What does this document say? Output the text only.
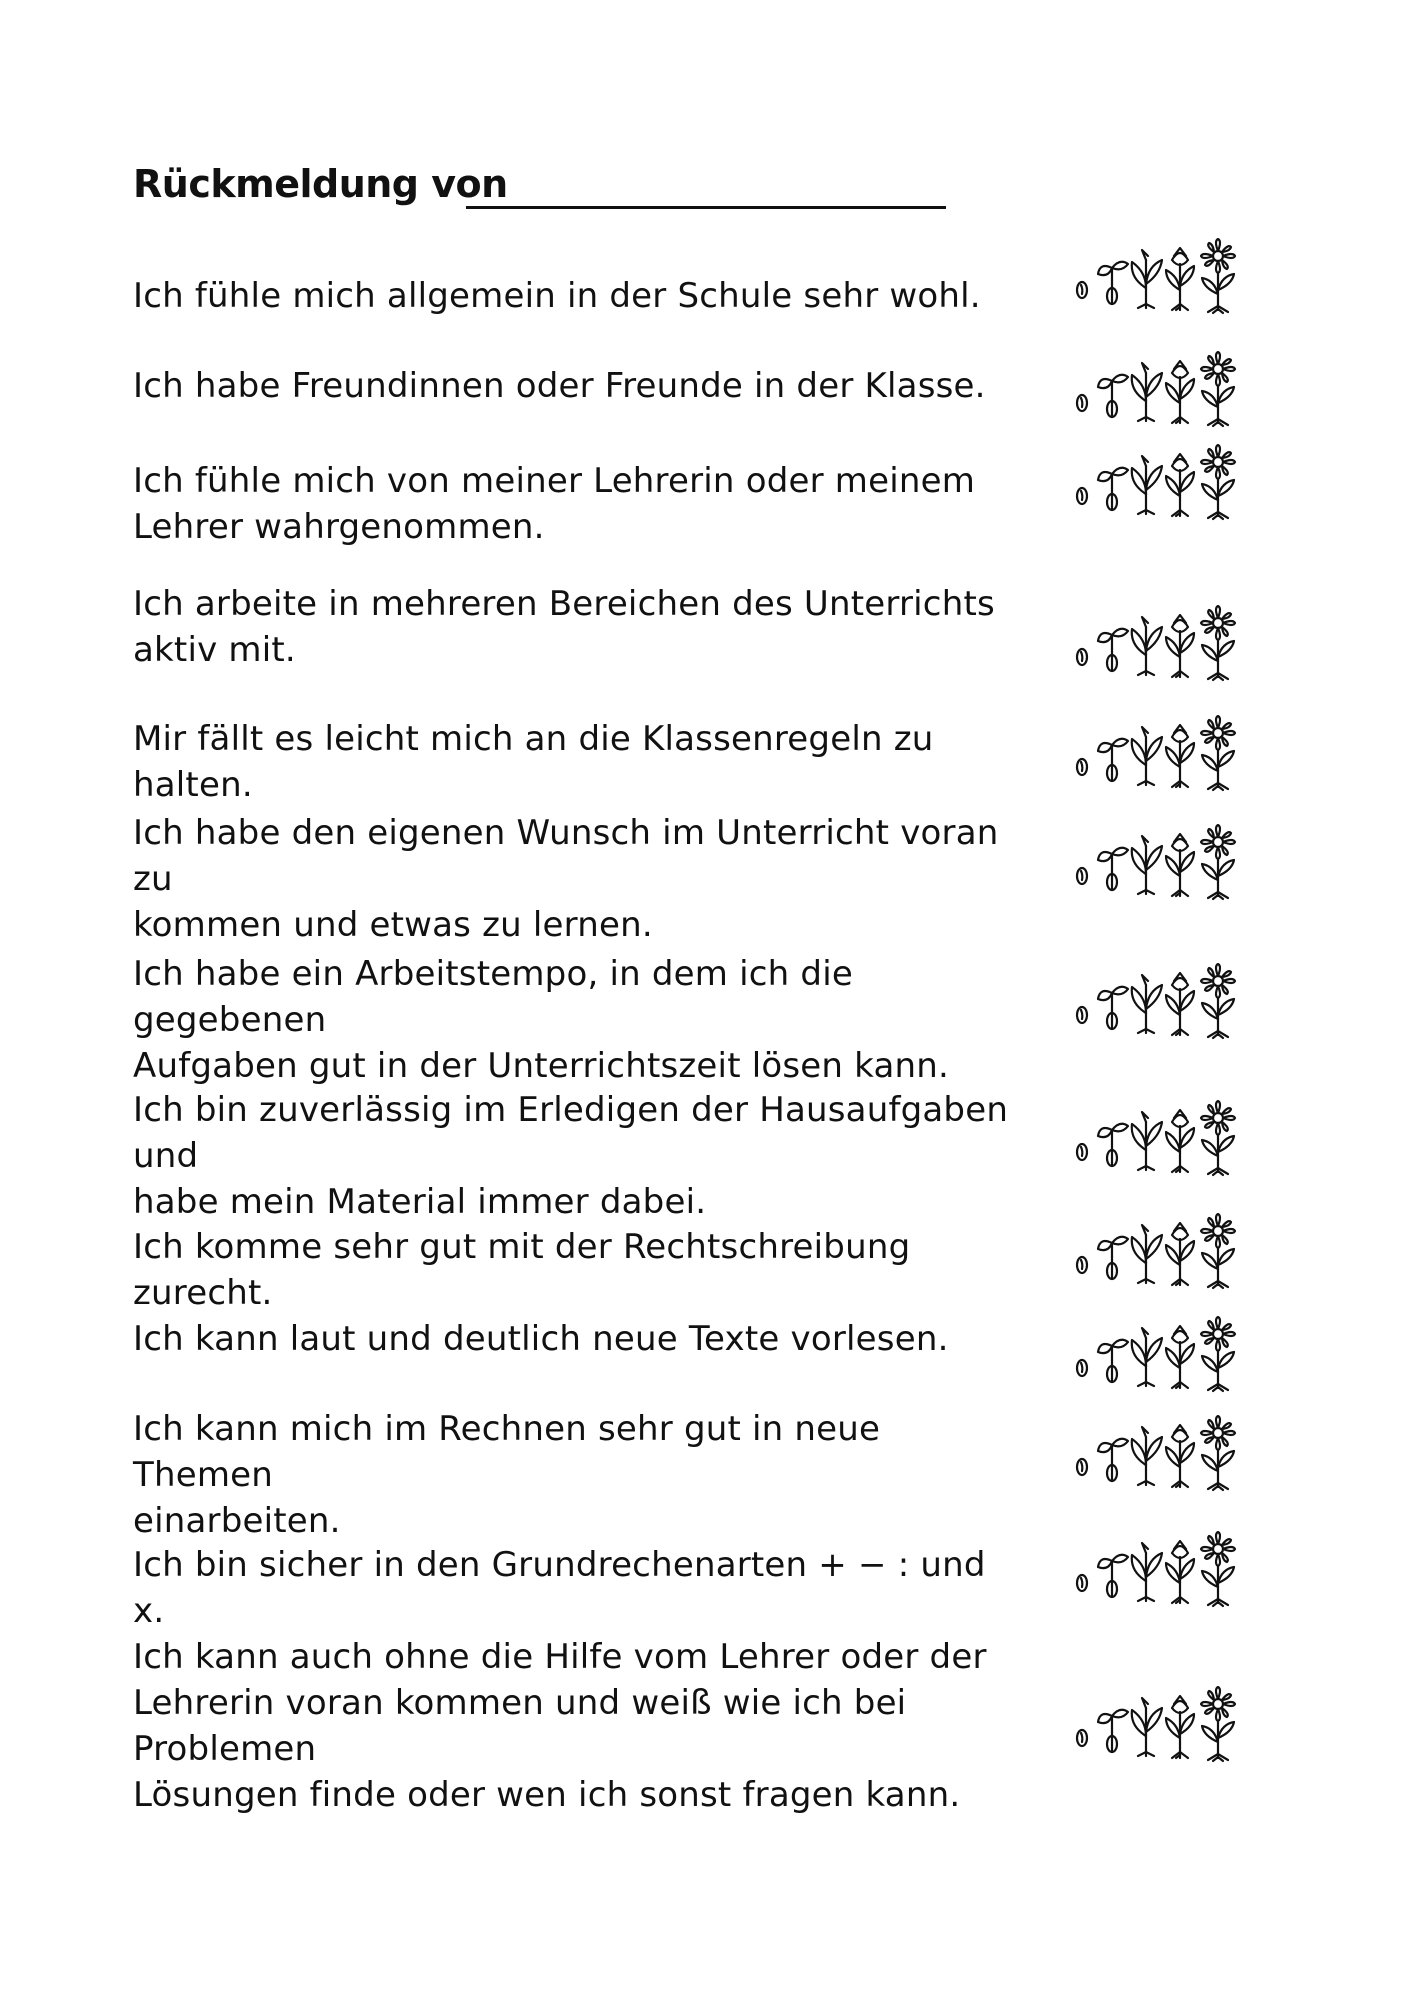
Rückmeldung von
Ich fühle mich allgemein in der Schule sehr wohl.
Ich habe Freundinnen oder Freunde in der Klasse.
Ich fühle mich von meiner Lehrerin oder meinem
Lehrer wahrgenommen.
Ich arbeite in mehreren Bereichen des Unterrichts
aktiv mit.
Mir fällt es leicht mich an die Klassenregeln zu halten.
Ich habe den eigenen Wunsch im Unterricht voran zu
kommen und etwas zu lernen.
Ich habe ein Arbeitstempo, in dem ich die gegebenen
Aufgaben gut in der Unterrichtszeit lösen kann.
Ich bin zuverlässig im Erledigen der Hausaufgaben und
habe mein Material immer dabei.
Ich komme sehr gut mit der Rechtschreibung zurecht.
Ich kann laut und deutlich neue Texte vorlesen.
Ich kann mich im Rechnen sehr gut in neue Themen
einarbeiten.
Ich bin sicher in den Grundrechenarten + − : und x.
Ich kann auch ohne die Hilfe vom Lehrer oder der
Lehrerin voran kommen und weiß wie ich bei Problemen
Lösungen finde oder wen ich sonst fragen kann.
